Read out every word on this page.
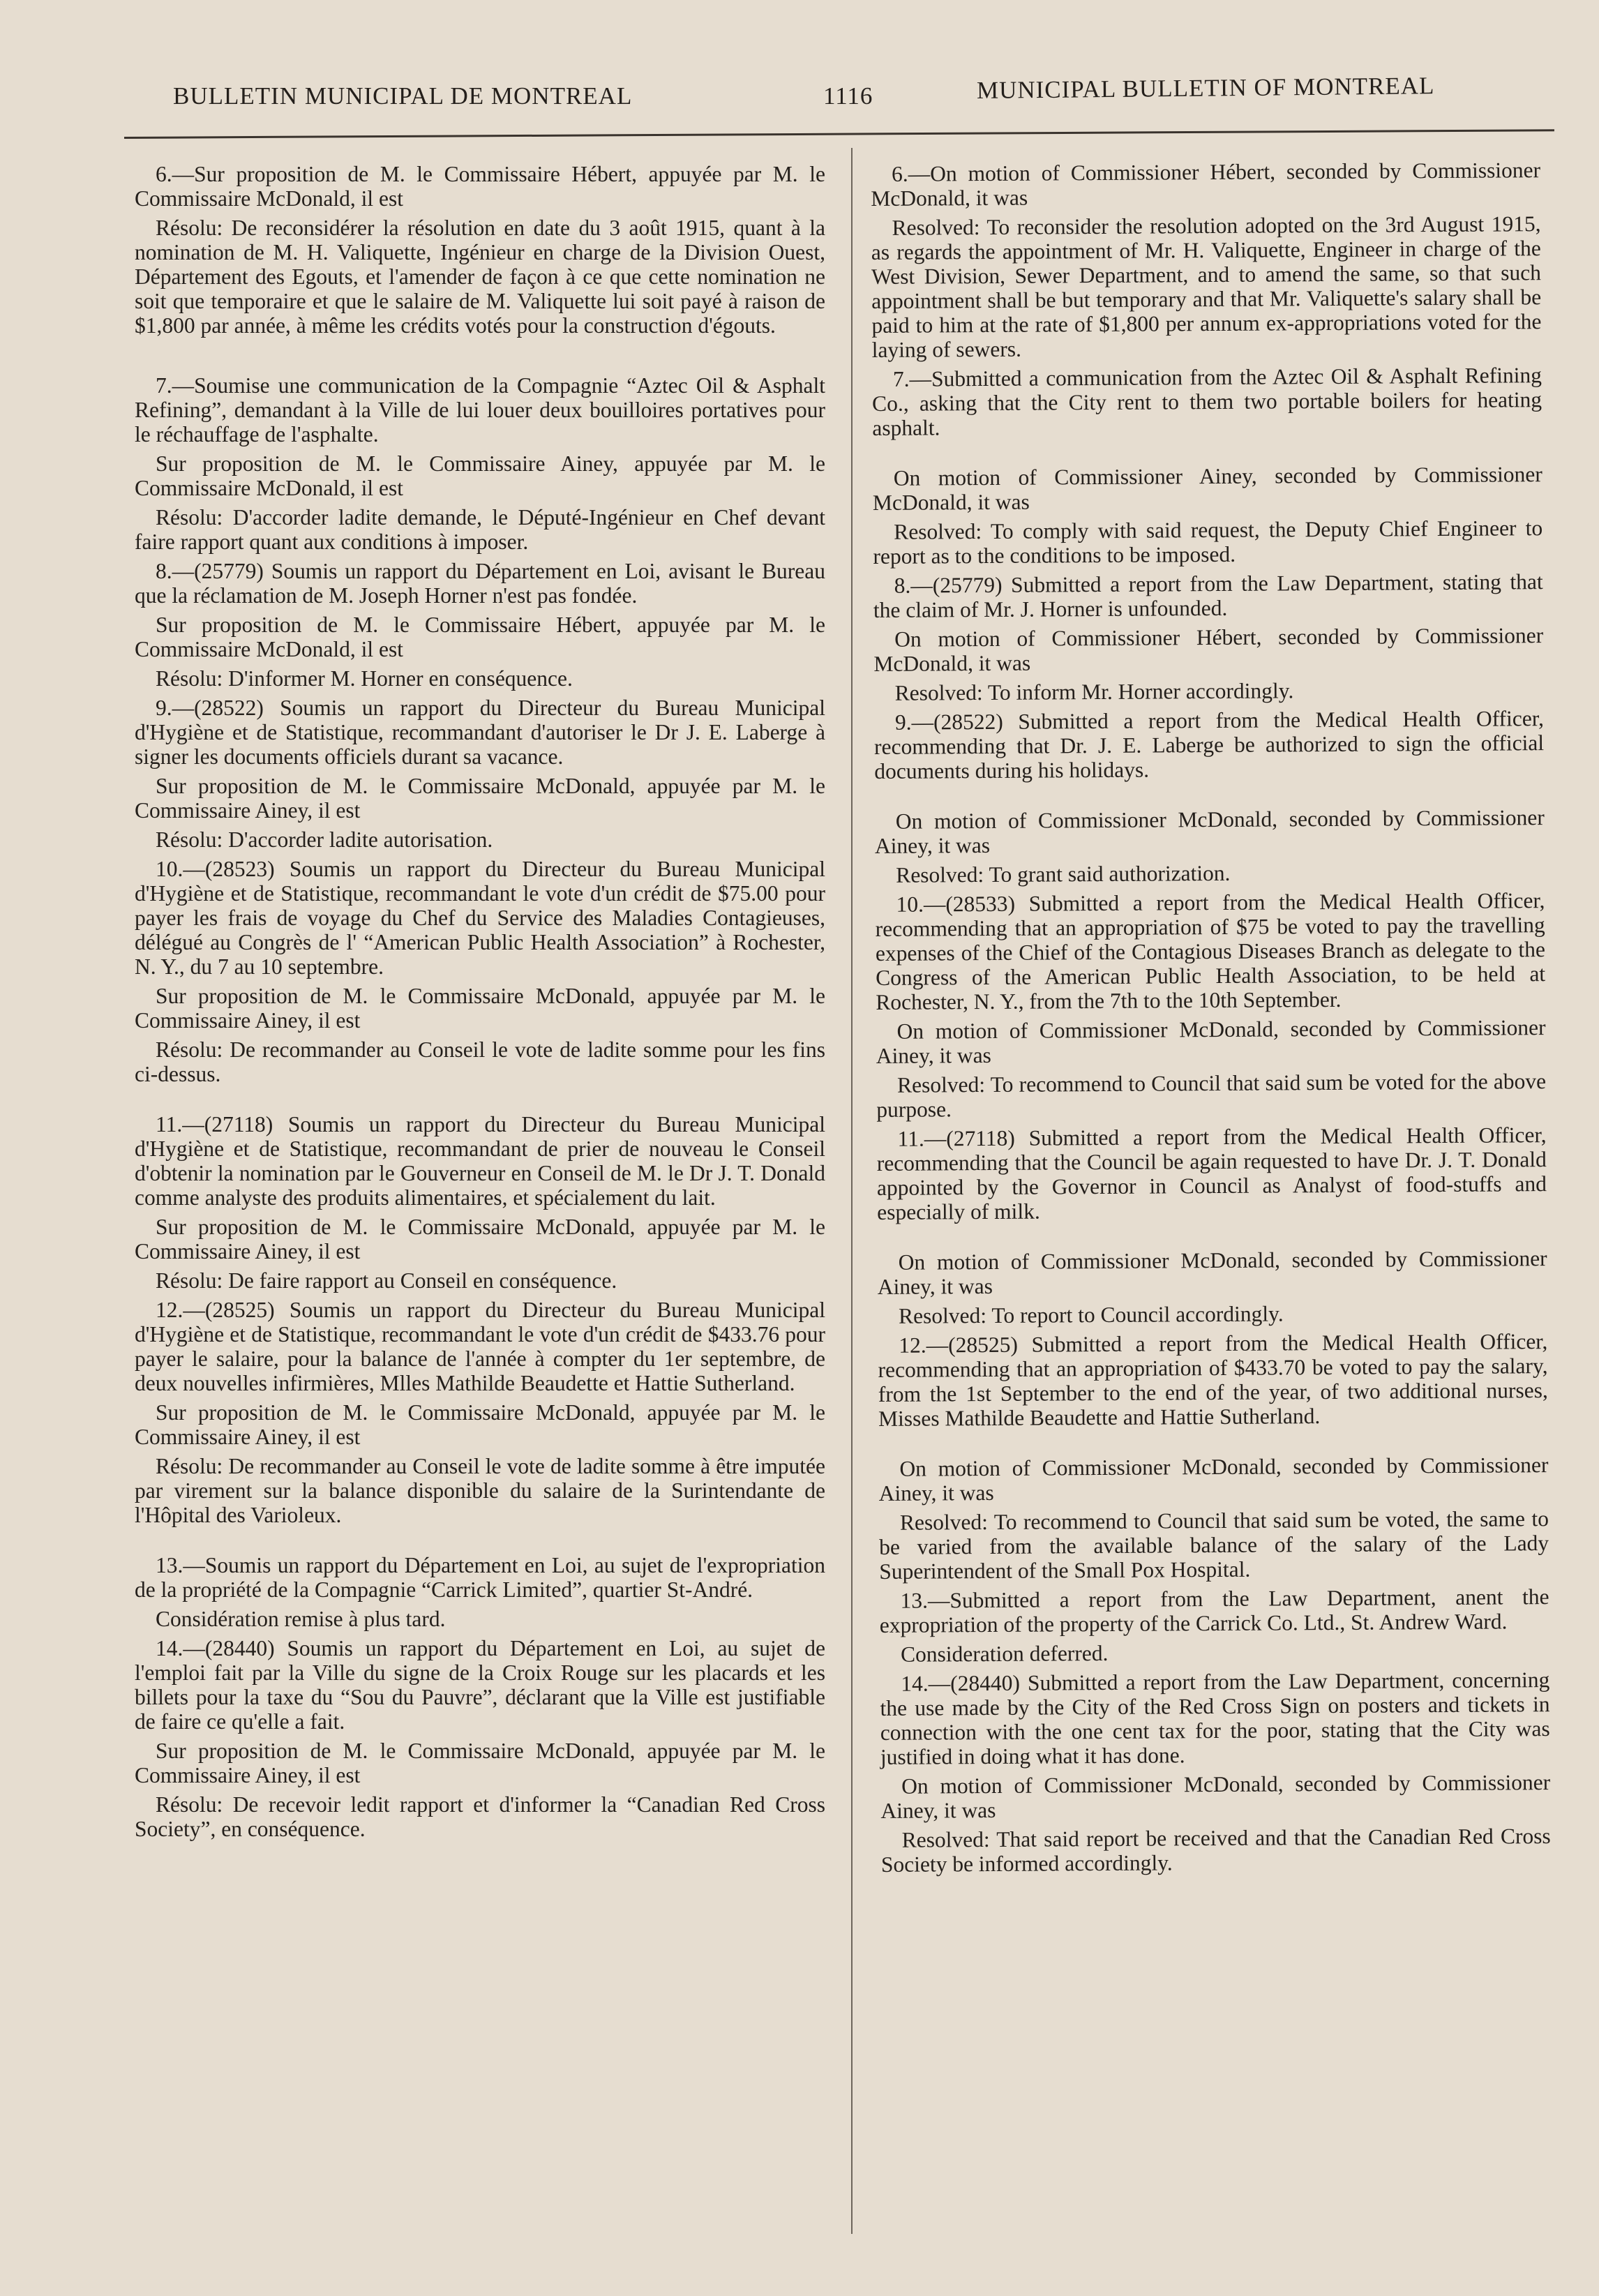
BULLETIN MUNICIPAL DE MONTREAL	1116	MUNICIPAL BULLETIN OF MONTREAL

6.—Sur proposition de M. le Commissaire Hébert, appuyée par M. le Commissaire McDonald, il est

Résolu: De reconsidérer la résolution en date du 3 août 1915, quant à la nomination de M. H. Valiquette, Ingénieur en charge de la Division Ouest, Département des Egouts, et l'amender de façon à ce que cette nomination ne soit que temporaire et que le salaire de M. Valiquette lui soit payé à raison de $1,800 par année, à même les crédits votés pour la construction d'égouts.

7.—Soumise une communication de la Compagnie “Aztec Oil & Asphalt Refining”, demandant à la Ville de lui louer deux bouilloires portatives pour le réchauffage de l'asphalte.

Sur proposition de M. le Commissaire Ainey, appuyée par M. le Commissaire McDonald, il est

Résolu: D'accorder ladite demande, le Député-Ingénieur en Chef devant faire rapport quant aux conditions à imposer.

8.—(25779) Soumis un rapport du Département en Loi, avisant le Bureau que la réclamation de M. Joseph Horner n'est pas fondée.

Sur proposition de M. le Commissaire Hébert, appuyée par M. le Commissaire McDonald, il est

Résolu: D'informer M. Horner en conséquence.

9.—(28522) Soumis un rapport du Directeur du Bureau Municipal d'Hygiène et de Statistique, recommandant d'autoriser le Dr J. E. Laberge à signer les documents officiels durant sa vacance.

Sur proposition de M. le Commissaire McDonald, appuyée par M. le Commissaire Ainey, il est

Résolu: D'accorder ladite autorisation.

10.—(28523) Soumis un rapport du Directeur du Bureau Municipal d'Hygiène et de Statistique, recommandant le vote d'un crédit de $75.00 pour payer les frais de voyage du Chef du Service des Maladies Contagieuses, délégué au Congrès de l' “American Public Health Association” à Rochester, N. Y., du 7 au 10 septembre.

Sur proposition de M. le Commissaire McDonald, appuyée par M. le Commissaire Ainey, il est

Résolu: De recommander au Conseil le vote de ladite somme pour les fins ci-dessus.

11.—(27118) Soumis un rapport du Directeur du Bureau Municipal d'Hygiène et de Statistique, recommandant de prier de nouveau le Conseil d'obtenir la nomination par le Gouverneur en Conseil de M. le Dr J. T. Donald comme analyste des produits alimentaires, et spécialement du lait.

Sur proposition de M. le Commissaire McDonald, appuyée par M. le Commissaire Ainey, il est

Résolu: De faire rapport au Conseil en conséquence.

12.—(28525) Soumis un rapport du Directeur du Bureau Municipal d'Hygiène et de Statistique, recommandant le vote d'un crédit de $433.76 pour payer le salaire, pour la balance de l'année à compter du 1er septembre, de deux nouvelles infirmières, Mlles Mathilde Beaudette et Hattie Sutherland.

Sur proposition de M. le Commissaire McDonald, appuyée par M. le Commissaire Ainey, il est

Résolu: De recommander au Conseil le vote de ladite somme à être imputée par virement sur la balance disponible du salaire de la Surintendante de l'Hôpital des Varioleux.

13.—Soumis un rapport du Département en Loi, au sujet de l'expropriation de la propriété de la Compagnie “Carrick Limited”, quartier St-André.

Considération remise à plus tard.

14.—(28440) Soumis un rapport du Département en Loi, au sujet de l'emploi fait par la Ville du signe de la Croix Rouge sur les placards et les billets pour la taxe du “Sou du Pauvre”, déclarant que la Ville est justifiable de faire ce qu'elle a fait.

Sur proposition de M. le Commissaire McDonald, appuyée par M. le Commissaire Ainey, il est

Résolu: De recevoir ledit rapport et d'informer la “Canadian Red Cross Society”, en conséquence.

6.—On motion of Commissioner Hébert, seconded by Commissioner McDonald, it was

Resolved: To reconsider the resolution adopted on the 3rd August 1915, as regards the appointment of Mr. H. Valiquette, Engineer in charge of the West Division, Sewer Department, and to amend the same, so that such appointment shall be but temporary and that Mr. Valiquette's salary shall be paid to him at the rate of $1,800 per annum ex-appropriations voted for the laying of sewers.

7.—Submitted a communication from the Aztec Oil & Asphalt Refining Co., asking that the City rent to them two portable boilers for heating asphalt.

On motion of Commissioner Ainey, seconded by Commissioner McDonald, it was

Resolved: To comply with said request, the Deputy Chief Engineer to report as to the conditions to be imposed.

8.—(25779) Submitted a report from the Law Department, stating that the claim of Mr. J. Horner is unfounded.

On motion of Commissioner Hébert, seconded by Commissioner McDonald, it was

Resolved: To inform Mr. Horner accordingly.

9.—(28522) Submitted a report from the Medical Health Officer, recommending that Dr. J. E. Laberge be authorized to sign the official documents during his holidays.

On motion of Commissioner McDonald, seconded by Commissioner Ainey, it was

Resolved: To grant said authorization.

10.—(28533) Submitted a report from the Medical Health Officer, recommending that an appropriation of $75 be voted to pay the travelling expenses of the Chief of the Contagious Diseases Branch as delegate to the Congress of the American Public Health Association, to be held at Rochester, N. Y., from the 7th to the 10th September.

On motion of Commissioner McDonald, seconded by Commissioner Ainey, it was

Resolved: To recommend to Council that said sum be voted for the above purpose.

11.—(27118) Submitted a report from the Medical Health Officer, recommending that the Council be again requested to have Dr. J. T. Donald appointed by the Governor in Council as Analyst of food-stuffs and especially of milk.

On motion of Commissioner McDonald, seconded by Commissioner Ainey, it was

Resolved: To report to Council accordingly.

12.—(28525) Submitted a report from the Medical Health Officer, recommending that an appropriation of $433.70 be voted to pay the salary, from the 1st September to the end of the year, of two additional nurses, Misses Mathilde Beaudette and Hattie Sutherland.

On motion of Commissioner McDonald, seconded by Commissioner Ainey, it was

Resolved: To recommend to Council that said sum be voted, the same to be varied from the available balance of the salary of the Lady Superintendent of the Small Pox Hospital.

13.—Submitted a report from the Law Department, anent the expropriation of the property of the Carrick Co. Ltd., St. Andrew Ward.

Consideration deferred.

14.—(28440) Submitted a report from the Law Department, concerning the use made by the City of the Red Cross Sign on posters and tickets in connection with the one cent tax for the poor, stating that the City was justified in doing what it has done.

On motion of Commissioner McDonald, seconded by Commissioner Ainey, it was

Resolved: That said report be received and that the Canadian Red Cross Society be informed accordingly.
